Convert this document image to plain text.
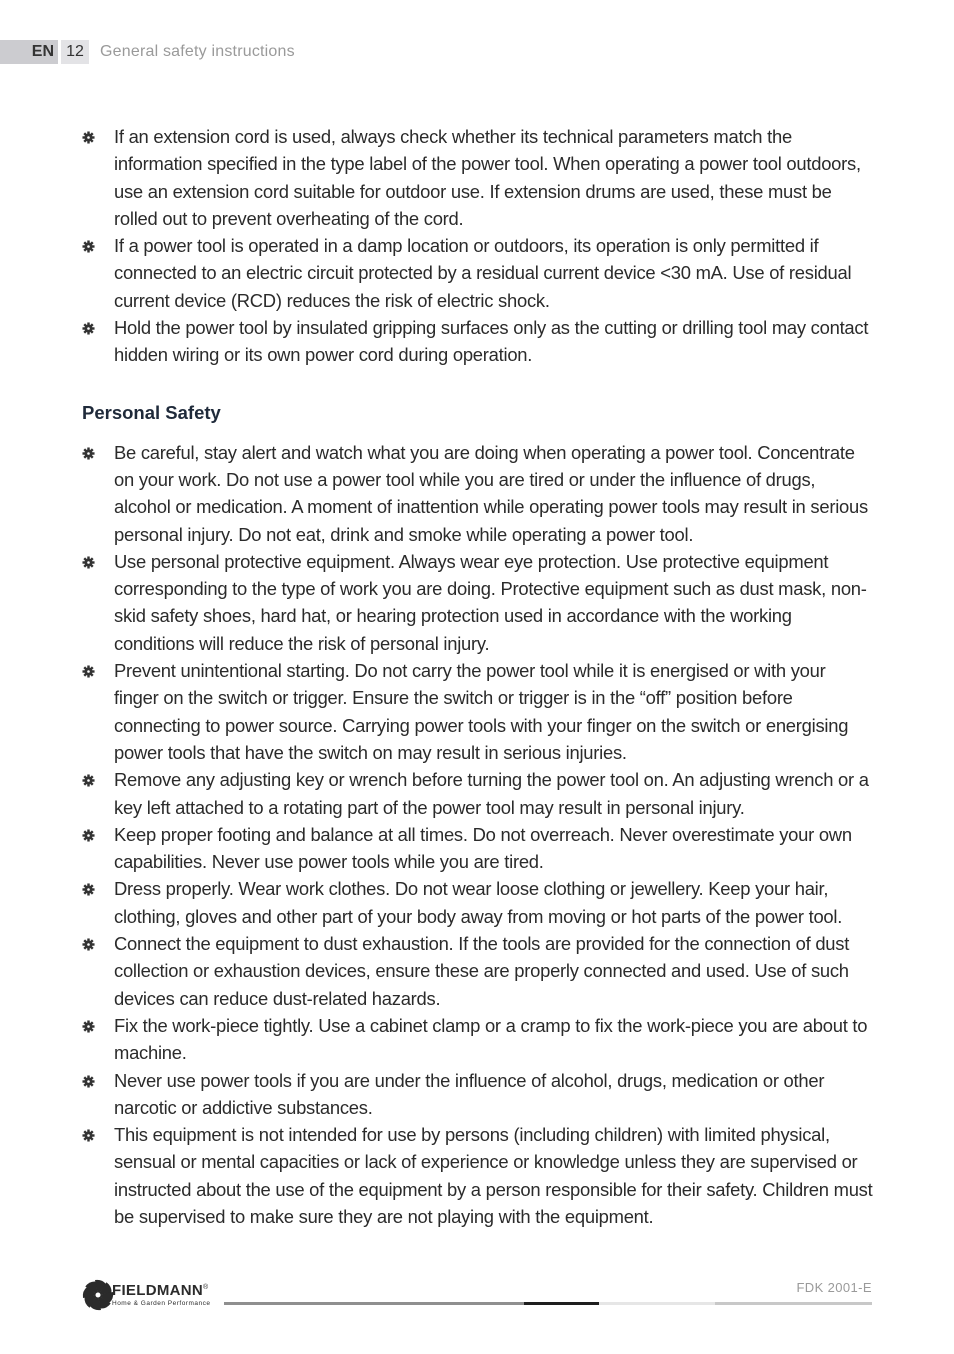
EN 12	General safety instructions
If an extension cord is used, always check whether its technical parameters match the information specified in the type label of the power tool. When operating a power tool outdoors, use an extension cord suitable for outdoor use. If extension drums are used, these must be rolled out to prevent overheating of the cord.
If a power tool is operated in a damp location or outdoors, its operation is only permitted if connected to an electric circuit protected by a residual current device <30 mA. Use of residual current device (RCD) reduces the risk of electric shock.
Hold the power tool by insulated gripping surfaces only as the cutting or drilling tool may contact hidden wiring or its own power cord during operation.
Personal Safety
Be careful, stay alert and watch what you are doing when operating a power tool. Concentrate on your work. Do not use a power tool while you are tired or under the influence of drugs, alcohol or medication. A moment of inattention while operating power tools may result in serious personal injury. Do not eat, drink and smoke while operating a power tool.
Use personal protective equipment. Always wear eye protection. Use protective equipment corresponding to the type of work you are doing. Protective equipment such as dust mask, non-skid safety shoes, hard hat, or hearing protection used in accordance with the working conditions will reduce the risk of personal injury.
Prevent unintentional starting. Do not carry the power tool while it is energised or with your finger on the switch or trigger. Ensure the switch or trigger is in the “off” position before connecting to power source. Carrying power tools with your finger on the switch or energising power tools that have the switch on may result in serious injuries.
Remove any adjusting key or wrench before turning the power tool on. An adjusting wrench or a key left attached to a rotating part of the power tool may result in personal injury.
Keep proper footing and balance at all times. Do not overreach. Never overestimate your own capabilities. Never use power tools while you are tired.
Dress properly. Wear work clothes. Do not wear loose clothing or jewellery. Keep your hair, clothing, gloves and other part of your body away from moving or hot parts of the power tool.
Connect the equipment to dust exhaustion. If the tools are provided for the connection of dust collection or exhaustion devices, ensure these are properly connected and used. Use of such devices can reduce dust-related hazards.
Fix the work-piece tightly. Use a cabinet clamp or a cramp to fix the work-piece you are about to machine.
Never use power tools if you are under the influence of alcohol, drugs, medication or other narcotic or addictive substances.
This equipment is not intended for use by persons (including children) with limited physical, sensual or mental capacities or lack of experience or knowledge unless they are supervised or instructed about the use of the equipment by a person responsible for their safety. Children must be supervised to make sure they are not playing with the equipment.
FIELDMANN®
Home & Garden Performance
FDK 2001-E
